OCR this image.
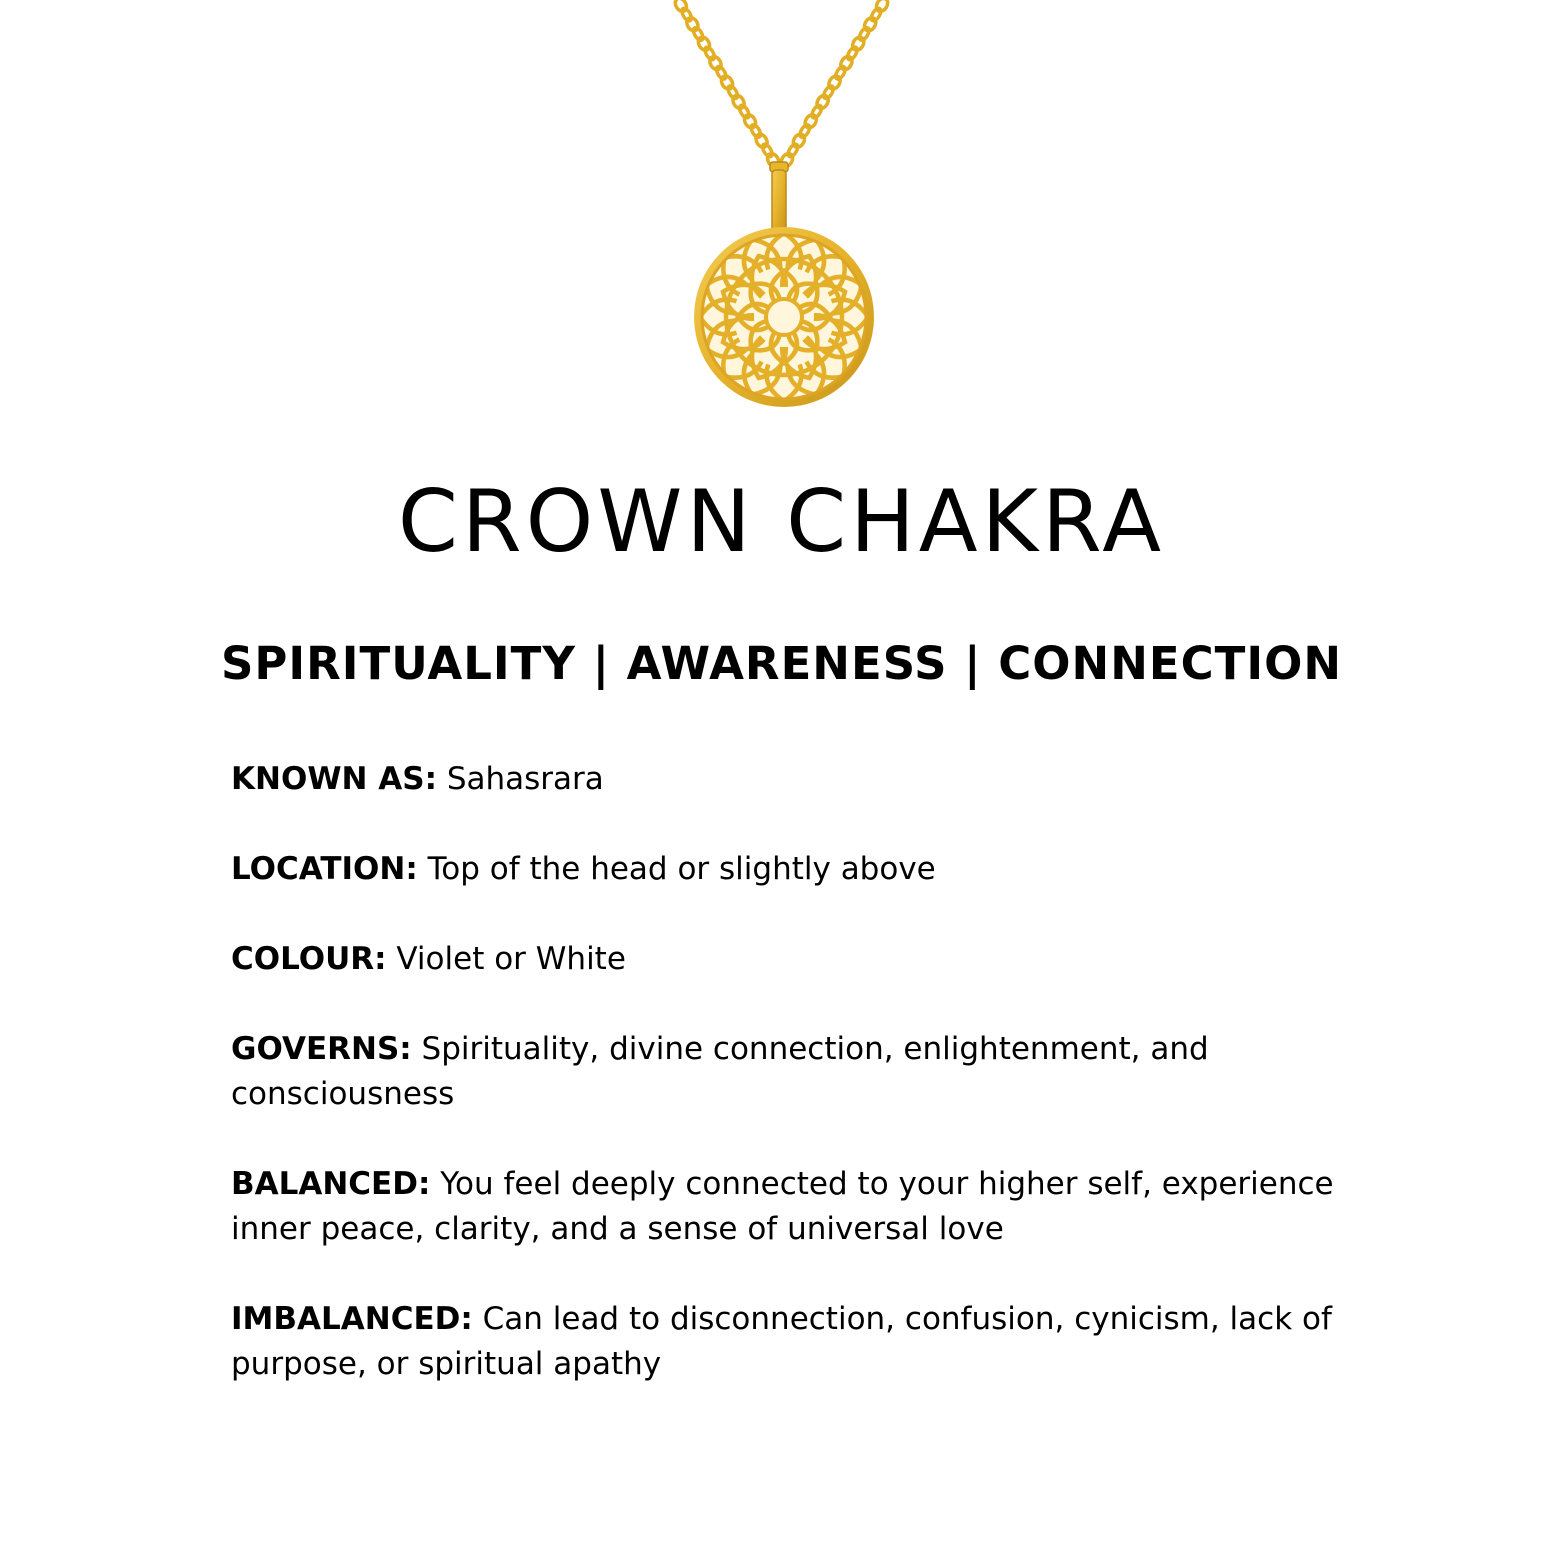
CROWN CHAKRA
SPIRITUALITY | AWARENESS | CONNECTION

KNOWN AS: Sahasrara

LOCATION: Top of the head or slightly above

COLOUR: Violet or White

GOVERNS: Spirituality, divine connection, enlightenment, and consciousness

BALANCED: You feel deeply connected to your higher self, experience inner peace, clarity, and a sense of universal love

IMBALANCED: Can lead to disconnection, confusion, cynicism, lack of purpose, or spiritual apathy
